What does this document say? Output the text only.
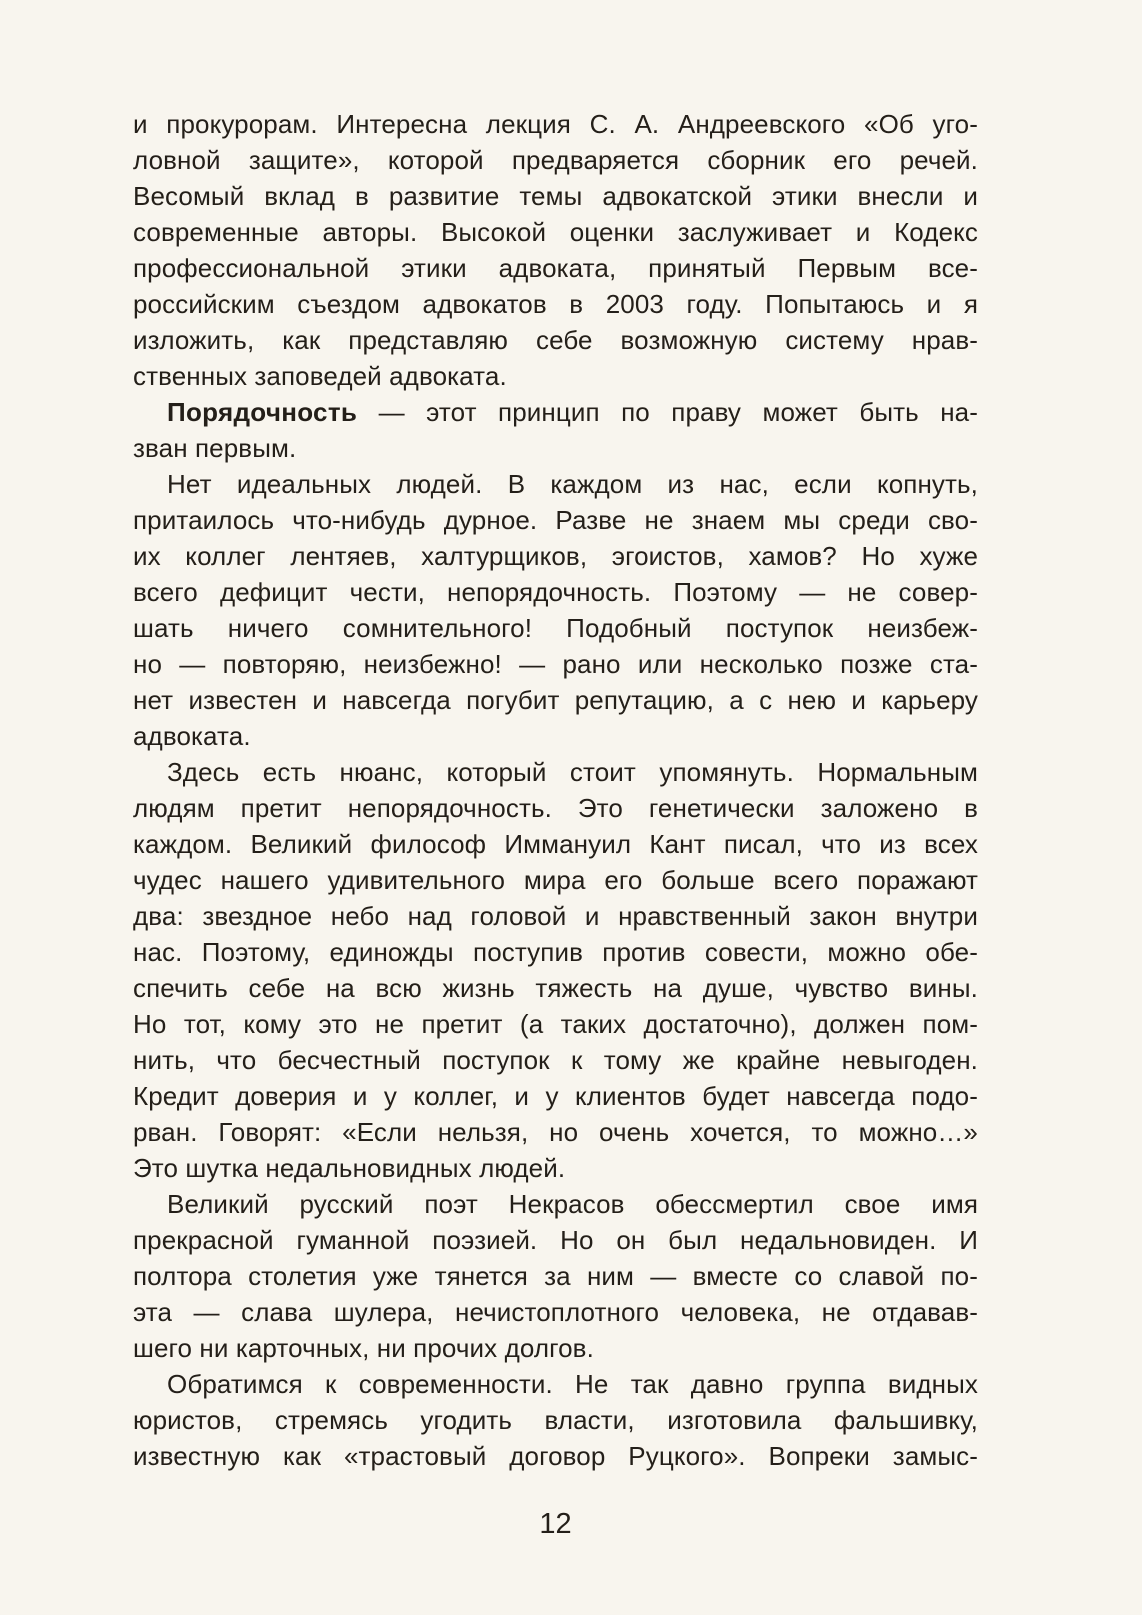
и прокурорам. Интересна лекция С. А. Андреевского «Об уго-
ловной защите», которой предваряется сборник его речей.
Весомый вклад в развитие темы адвокатской этики внесли и
современные авторы. Высокой оценки заслуживает и Кодекс
профессиональной этики адвоката, принятый Первым все-
российским съездом адвокатов в 2003 году. Попытаюсь и я
изложить, как представляю себе возможную систему нрав-
ственных заповедей адвоката.
Порядочность — этот принцип по праву может быть на-
зван первым.
Нет идеальных людей. В каждом из нас, если копнуть,
притаилось что-нибудь дурное. Разве не знаем мы среди сво-
их коллег лентяев, халтурщиков, эгоистов, хамов? Но хуже
всего дефицит чести, непорядочность. Поэтому — не совер-
шать ничего сомнительного! Подобный поступок неизбеж-
но — повторяю, неизбежно! — рано или несколько позже ста-
нет известен и навсегда погубит репутацию, а с нею и карьеру
адвоката.
Здесь есть нюанс, который стоит упомянуть. Нормальным
людям претит непорядочность. Это генетически заложено в
каждом. Великий философ Иммануил Кант писал, что из всех
чудес нашего удивительного мира его больше всего поражают
два: звездное небо над головой и нравственный закон внутри
нас. Поэтому, единожды поступив против совести, можно обе-
спечить себе на всю жизнь тяжесть на душе, чувство вины.
Но тот, кому это не претит (а таких достаточно), должен пом-
нить, что бесчестный поступок к тому же крайне невыгоден.
Кредит доверия и у коллег, и у клиентов будет навсегда подо-
рван. Говорят: «Если нельзя, но очень хочется, то можно…»
Это шутка недальновидных людей.
Великий русский поэт Некрасов обессмертил свое имя
прекрасной гуманной поэзией. Но он был недальновиден. И
полтора столетия уже тянется за ним — вместе со славой по-
эта — слава шулера, нечистоплотного человека, не отдавав-
шего ни карточных, ни прочих долгов.
Обратимся к современности. Не так давно группа видных
юристов, стремясь угодить власти, изготовила фальшивку,
известную как «трастовый договор Руцкого». Вопреки замыс-
12
